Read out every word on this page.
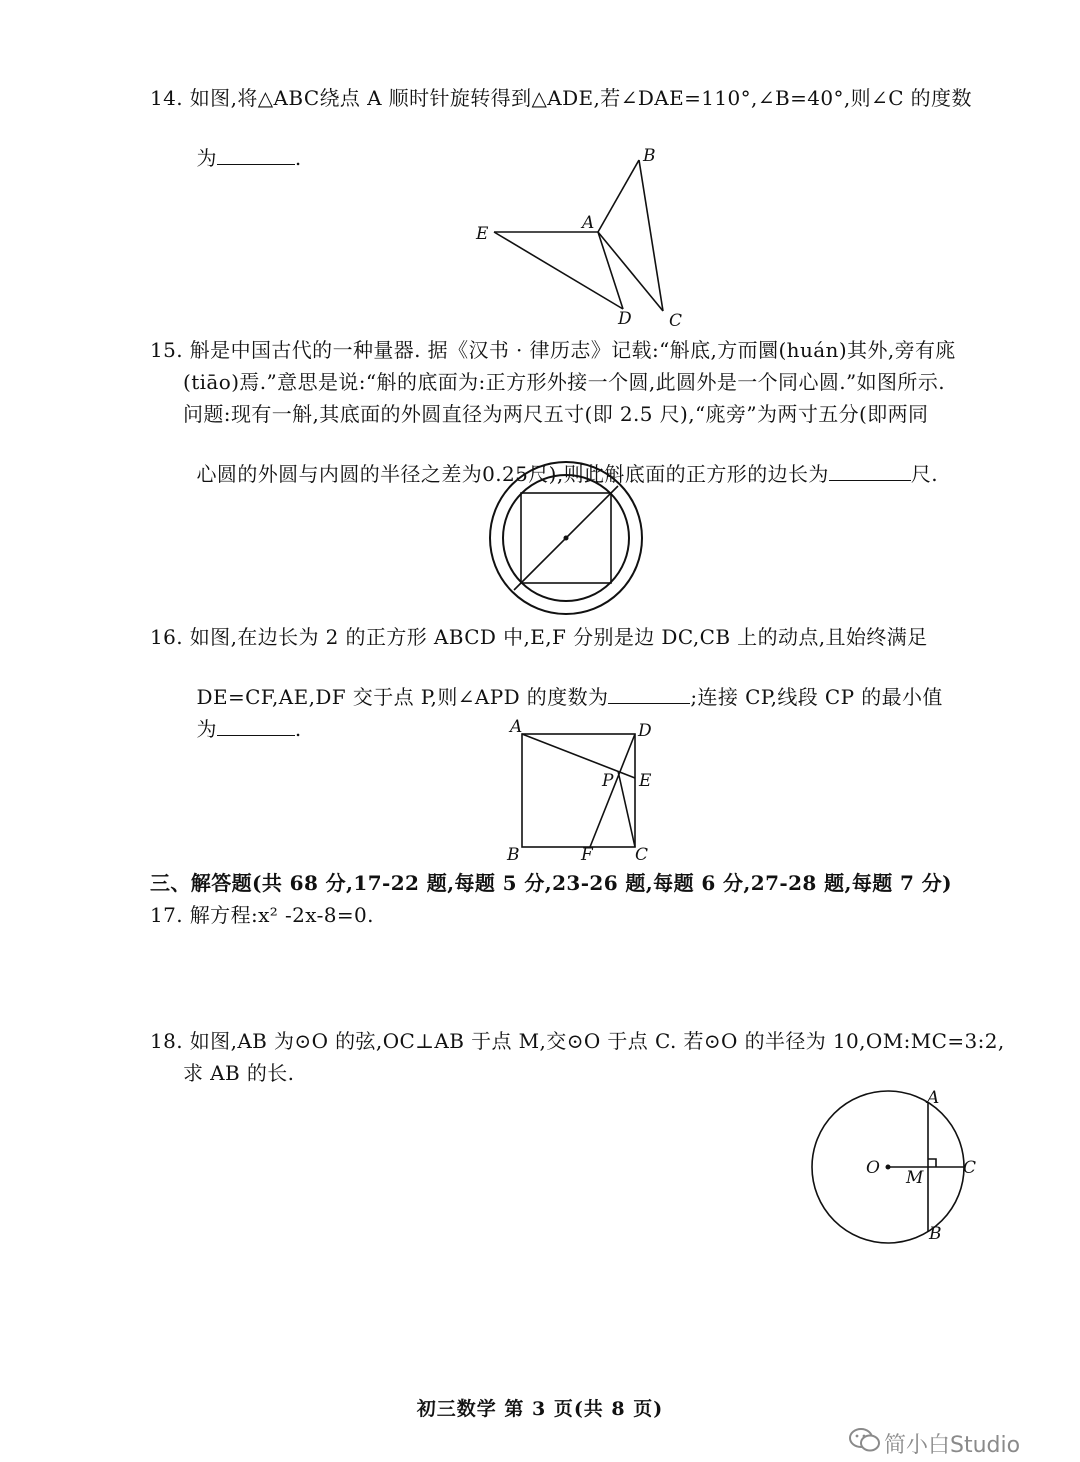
14. 如图,将△ABC绕点 A 顺时针旋转得到△ADE,若∠DAE=110°,∠B=40°,则∠C 的度数

为	.

A
B
C
D
E
15. 斛是中国古代的一种量器. 据《汉书 · 律历志》记载:“斛底,方而圜(huán)其外,旁有庣
(tiāo)焉.”意思是说:“斛的底面为:正方形外接一个圆,此圆外是一个同心圆.”如图所示.
问题:现有一斛,其底面的外圆直径为两尺五寸(即 2.5 尺),“庣旁”为两寸五分(即两同

心圆的外圆与内圆的半径之差为0.25尺),则此斛底面的正方形的边长为	尺.

16. 如图,在边长为 2 的正方形 ABCD 中,E,F 分别是边 DC,CB 上的动点,且始终满足

DE=CF,AE,DF 交于点 P,则∠APD 的度数为	;连接 CP,线段 CP 的最小值

为	.	A	D
E
P
B	F C
三、解答题(共 68 分,17-22 题,每题 5 分,23-26 题,每题 6 分,27-28 题,每题 7 分)
17. 解方程:x² -2x-8=0.
18. 如图,AB 为⊙O 的弦,OC⊥AB 于点 M,交⊙O 于点 C. 若⊙O 的半径为 10,OM:MC=3:2,
求 AB 的长.
O
A
C
M
B
初三数学 第 3 页(共 8 页)
简小白Studio
